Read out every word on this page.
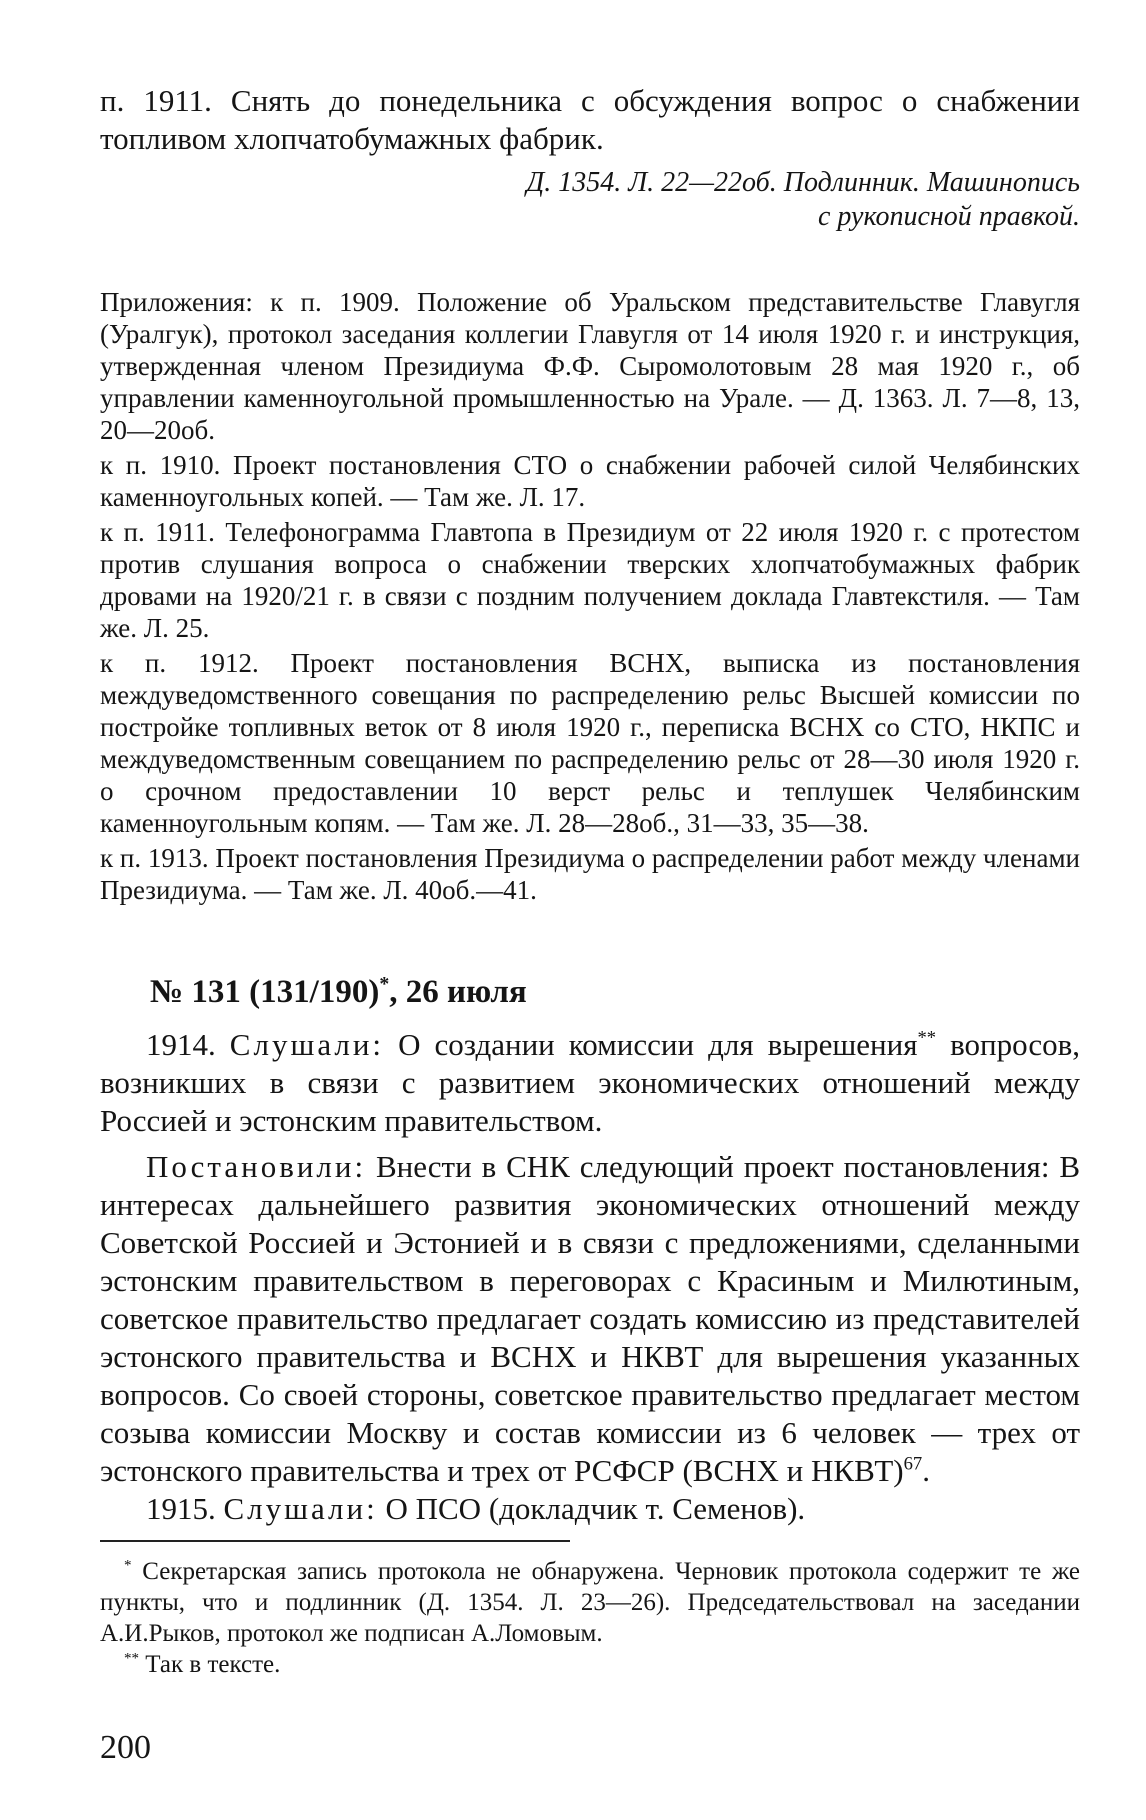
п. 1911. Снять до понедельника с обсуждения вопрос о снабжении топливом хлопчатобумажных фабрик.

Д. 1354. Л. 22—22об. Подлинник. Машинопись
с рукописной правкой.

Приложения: к п. 1909. Положение об Уральском представительстве Главугля (Уралгук), протокол заседания коллегии Главугля от 14 июля 1920 г. и инструкция, утвержденная членом Президиума Ф.Ф. Сыромолотовым 28 мая 1920 г., об управлении каменноугольной промышленностью на Урале. — Д. 1363. Л. 7—8, 13, 20—20об.

к п. 1910. Проект постановления СТО о снабжении рабочей силой Челябинских каменноугольных копей. — Там же. Л. 17.

к п. 1911. Телефонограмма Главтопа в Президиум от 22 июля 1920 г. с протестом против слушания вопроса о снабжении тверских хлопчатобумажных фабрик дровами на 1920/21 г. в связи с поздним получением доклада Главтекстиля. — Там же. Л. 25.

к п. 1912. Проект постановления ВСНХ, выписка из постановления междуведомственного совещания по распределению рельс Высшей комиссии по постройке топливных веток от 8 июля 1920 г., переписка ВСНХ со СТО, НКПС и междуведомственным совещанием по распределению рельс от 28—30 июля 1920 г. о срочном предоставлении 10 верст рельс и теплушек Челябинским каменноугольным копям. — Там же. Л. 28—28об., 31—33, 35—38.

к п. 1913. Проект постановления Президиума о распределении работ между членами Президиума. — Там же. Л. 40об.—41.

№ 131 (131/190)*, 26 июля

1914. Слушали: О создании комиссии для вырешения** вопросов, возникших в связи с развитием экономических отношений между Россией и эстонским правительством.

Постановили: Внести в СНК следующий проект постановления: В интересах дальнейшего развития экономических отношений между Советской Россией и Эстонией и в связи с предложениями, сделанными эстонским правительством в переговорах с Красиным и Милютиным, советское правительство предлагает создать комиссию из представителей эстонского правительства и ВСНХ и НКВТ для вырешения указанных вопросов. Со своей стороны, советское правительство предлагает местом созыва комиссии Москву и состав комиссии из 6 человек — трех от эстонского правительства и трех от РСФСР (ВСНХ и НКВТ)$^{67}$.

1915. Слушали: О ПСО (докладчик т. Семенов).

* Секретарская запись протокола не обнаружена. Черновик протокола содержит те же пункты, что и подлинник (Д. 1354. Л. 23—26). Председательствовал на заседании А.И.Рыков, протокол же подписан А.Ломовым.

** Так в тексте.

200
